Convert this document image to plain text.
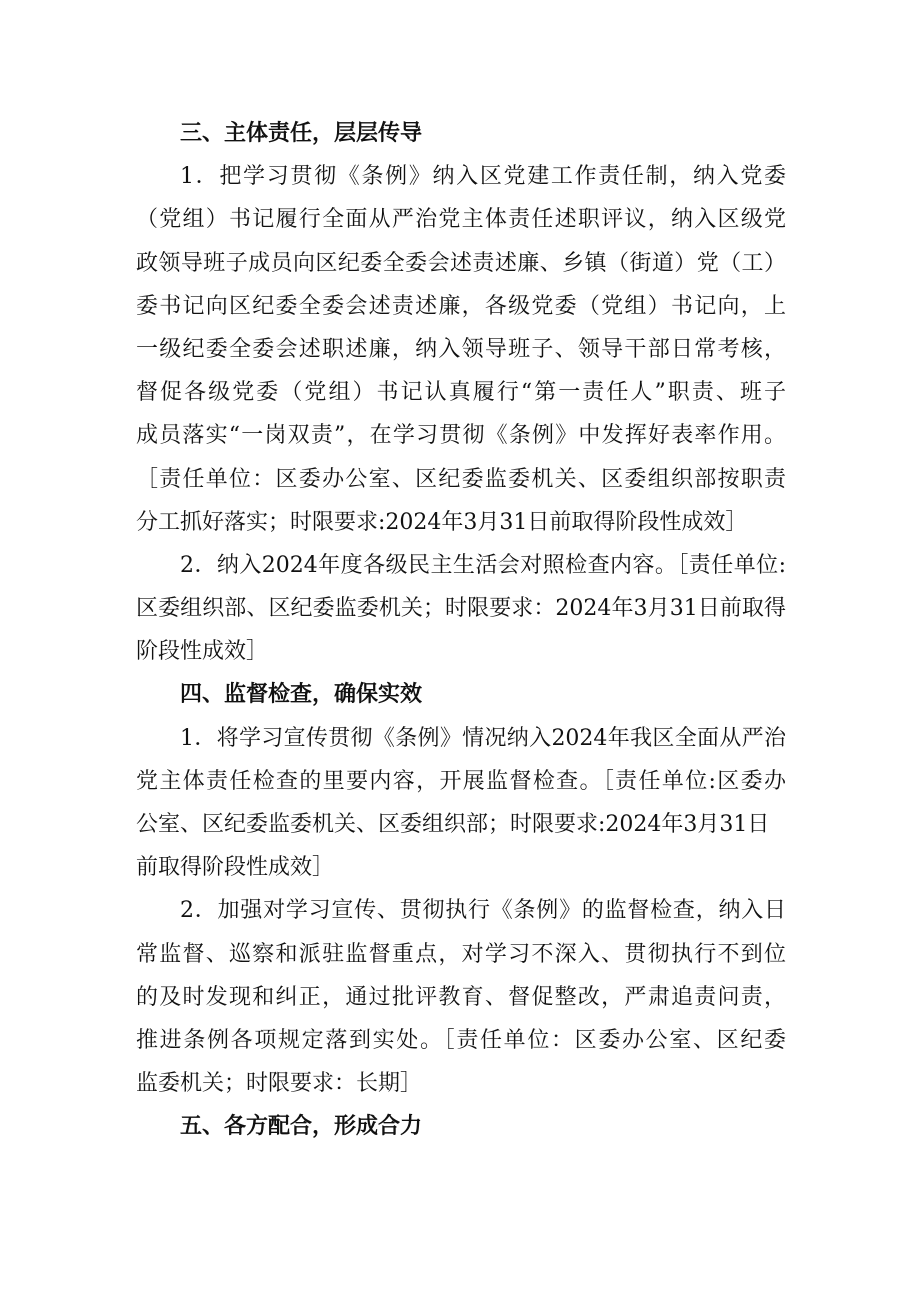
三、主体责任，层层传导
1．把学习贯彻《条例》纳入区党建工作责任制，纳入党委
（党组）书记履行全面从严治党主体责任述职评议，纳入区级党
政领导班子成员向区纪委全委会述责述廉、乡镇（街道）党（工）
委书记向区纪委全委会述责述廉，各级党委（党组）书记向，上
一级纪委全委会述职述廉，纳入领导班子、领导干部日常考核，
督促各级党委（党组）书记认真履行“第一责任人”职责、班子
成员落实“一岗双责”，在学习贯彻《条例》中发挥好表率作用。
［责任单位：区委办公室、区纪委监委机关、区委组织部按职责
分工抓好落实；时限要求:2024年3月31日前取得阶段性成效］
2．纳入2024年度各级民主生活会对照检查内容。［责任单位:
区委组织部、区纪委监委机关；时限要求：2024年3月31日前取得
阶段性成效］
四、监督检查，确保实效
1．将学习宣传贯彻《条例》情况纳入2024年我区全面从严治
党主体责任检查的里要内容，开展监督检查。［责任单位:区委办
公室、区纪委监委机关、区委组织部；时限要求:2024年3月31日
前取得阶段性成效］
2．加强对学习宣传、贯彻执行《条例》的监督检查，纳入日
常监督、巡察和派驻监督重点，对学习不深入、贯彻执行不到位
的及时发现和纠正，通过批评教育、督促整改，严肃追责问责，
推进条例各项规定落到实处。［责任单位：区委办公室、区纪委
监委机关；时限要求：长期］
五、各方配合，形成合力
